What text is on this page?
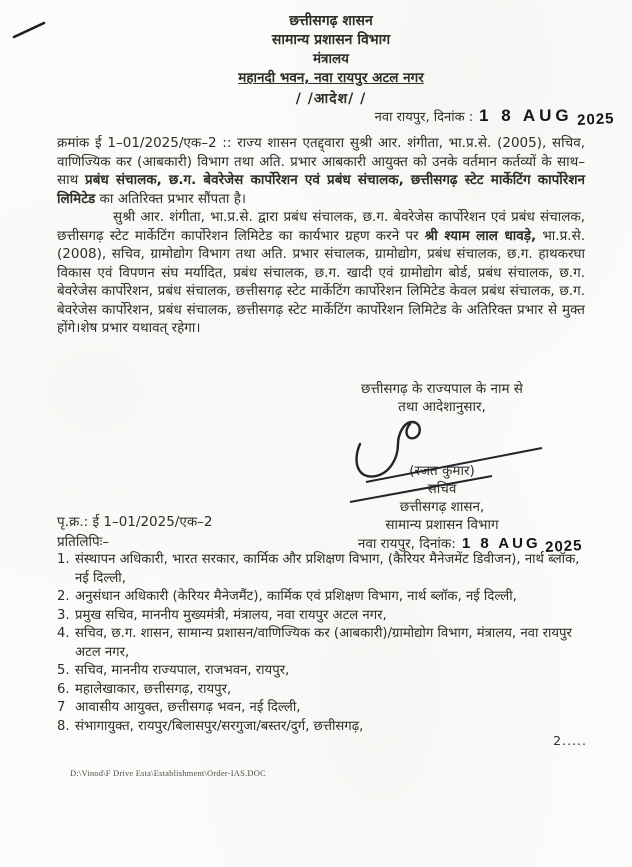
छत्तीसगढ़ शासन
सामान्य प्रशासन विभाग
मंत्रालय
महानदी भवन, नवा रायपुर अटल नगर
/ /आदेश/ /
नवा रायपुर, दिनांक : 1 8 AUG 2025
क्रमांक ई 1–01/2025/एक–2 :: राज्य शासन एतद्द्वारा सुश्री आर. शंगीता, भा.प्र.से. (2005), सचिव, वाणिज्यिक कर (आबकारी) विभाग तथा अति. प्रभार आबकारी आयुक्त को उनके वर्तमान कर्तव्यों के साथ–साथ प्रबंध संचालक, छ.ग. बेवरेजेस कार्पोरेशन एवं प्रबंध संचालक, छत्तीसगढ़ स्टेट मार्केटिंग कार्पोरेशन लिमिटेड का अतिरिक्त प्रभार सौंपता है।
सुश्री आर. शंगीता, भा.प्र.से. द्वारा प्रबंध संचालक, छ.ग. बेवरेजेस कार्पोरेशन एवं प्रबंध संचालक, छत्तीसगढ़ स्टेट मार्केटिंग कार्पोरेशन लिमिटेड का कार्यभार ग्रहण करने पर श्री श्याम लाल धावड़े, भा.प्र.से. (2008), सचिव, ग्रामोद्योग विभाग तथा अति. प्रभार संचालक, ग्रामोद्योग, प्रबंध संचालक, छ.ग. हाथकरघा विकास एवं विपणन संघ मर्यादित, प्रबंध संचालक, छ.ग. खादी एवं ग्रामोद्योग बोर्ड, प्रबंध संचालक, छ.ग. बेवरेजेस कार्पोरेशन, प्रबंध संचालक, छत्तीसगढ़ स्टेट मार्केटिंग कार्पोरेशन लिमिटेड केवल प्रबंध संचालक, छ.ग. बेवरेजेस कार्पोरेशन, प्रबंध संचालक, छत्तीसगढ़ स्टेट मार्केटिंग कार्पोरेशन लिमिटेड के अतिरिक्त प्रभार से मुक्त होंगे।शेष प्रभार यथावत् रहेगा।
छत्तीसगढ़ के राज्यपाल के नाम से
तथा आदेशानुसार,
(रजत कुमार)
सचिव
छत्तीसगढ़ शासन,
सामान्य प्रशासन विभाग
नवा रायपुर, दिनांक: 1 8 AUG 2025
पृ.क्र.: ई 1–01/2025/एक–2
प्रतिलिपिः–
1. संस्थापन अधिकारी, भारत सरकार, कार्मिक और प्रशिक्षण विभाग, (कैरियर मैनेजमेंट डिवीजन), नार्थ ब्लॉक, नई दिल्ली,
2. अनुसंधान अधिकारी (केरियर मैनेजमैंट), कार्मिक एवं प्रशिक्षण विभाग, नार्थ ब्लॉक, नई दिल्ली,
3. प्रमुख सचिव, माननीय मुख्यमंत्री, मंत्रालय, नवा रायपुर अटल नगर,
4. सचिव, छ.ग. शासन, सामान्य प्रशासन/वाणिज्यिक कर (आबकारी)/ग्रामोद्योग विभाग, मंत्रालय, नवा रायपुर अटल नगर,
5. सचिव, माननीय राज्यपाल, राजभवन, रायपुर,
6. महालेखाकार, छत्तीसगढ़, रायपुर,
7 आवासीय आयुक्त, छत्तीसगढ़ भवन, नई दिल्ली,
8. संभागायुक्त, रायपुर/बिलासपुर/सरगुजा/बस्तर/दुर्ग, छत्तीसगढ़,
2.....
D:\Vinod\F Drive Esta\Establishment\Order-IAS.DOC
